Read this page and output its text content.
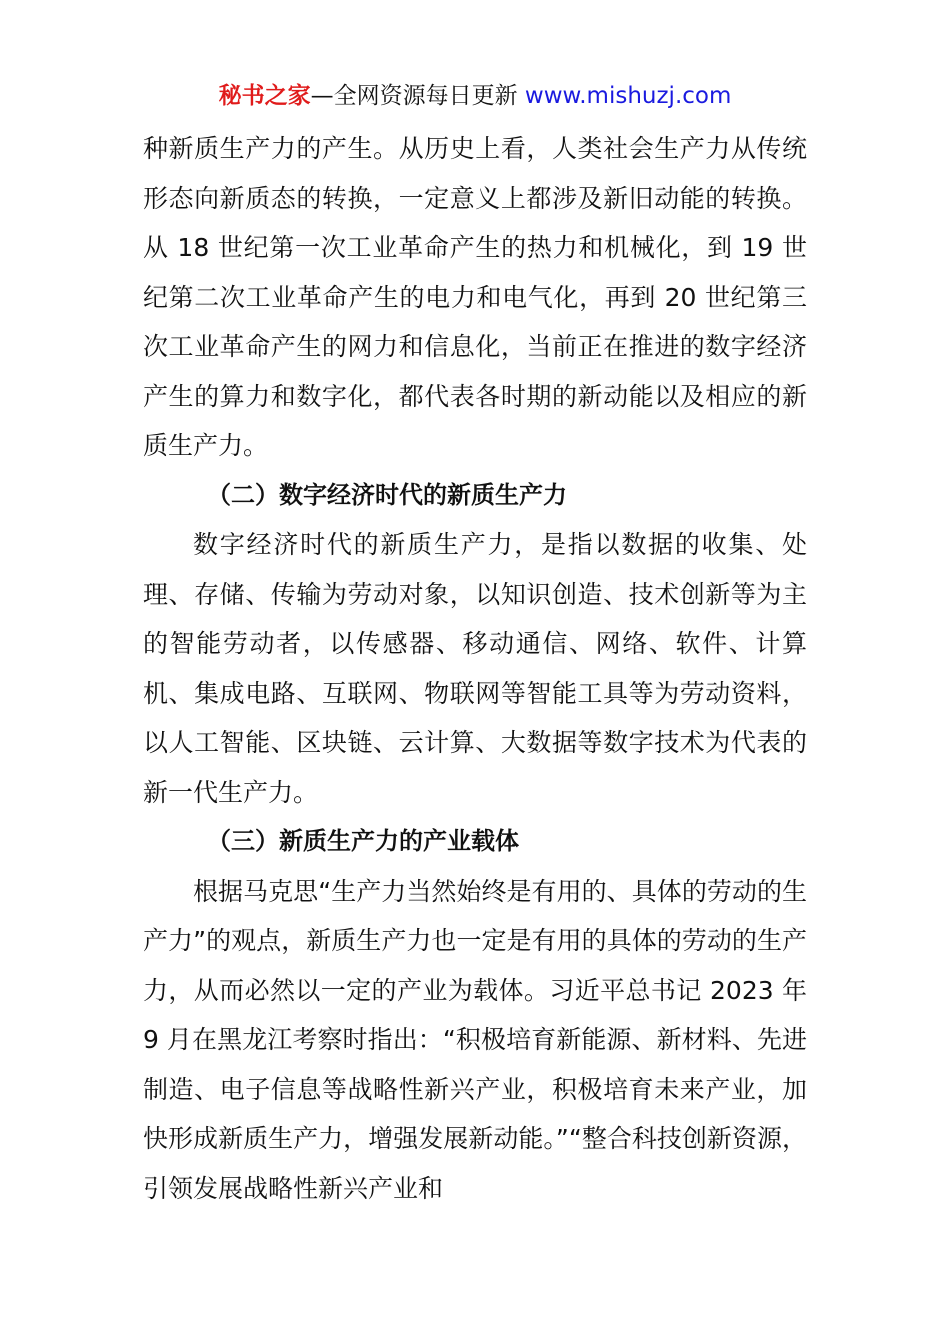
秘书之家—全网资源每日更新 www.mishuzj.com

种新质生产力的产生。从历史上看，人类社会生产力从传统形态向新质态的转换，一定意义上都涉及新旧动能的转换。从 18 世纪第一次工业革命产生的热力和机械化，到 19 世纪第二次工业革命产生的电力和电气化，再到 20 世纪第三次工业革命产生的网力和信息化，当前正在推进的数字经济产生的算力和数字化，都代表各时期的新动能以及相应的新质生产力。

（二）数字经济时代的新质生产力

数字经济时代的新质生产力，是指以数据的收集、处理、存储、传输为劳动对象，以知识创造、技术创新等为主的智能劳动者，以传感器、移动通信、网络、软件、计算机、集成电路、互联网、物联网等智能工具等为劳动资料，以人工智能、区块链、云计算、大数据等数字技术为代表的新一代生产力。

（三）新质生产力的产业载体

根据马克思“生产力当然始终是有用的、具体的劳动的生产力”的观点，新质生产力也一定是有用的具体的劳动的生产力，从而必然以一定的产业为载体。习近平总书记 2023 年 9 月在黑龙江考察时指出：“积极培育新能源、新材料、先进制造、电子信息等战略性新兴产业，积极培育未来产业，加快形成新质生产力，增强发展新动能。”“整合科技创新资源，引领发展战略性新兴产业和
